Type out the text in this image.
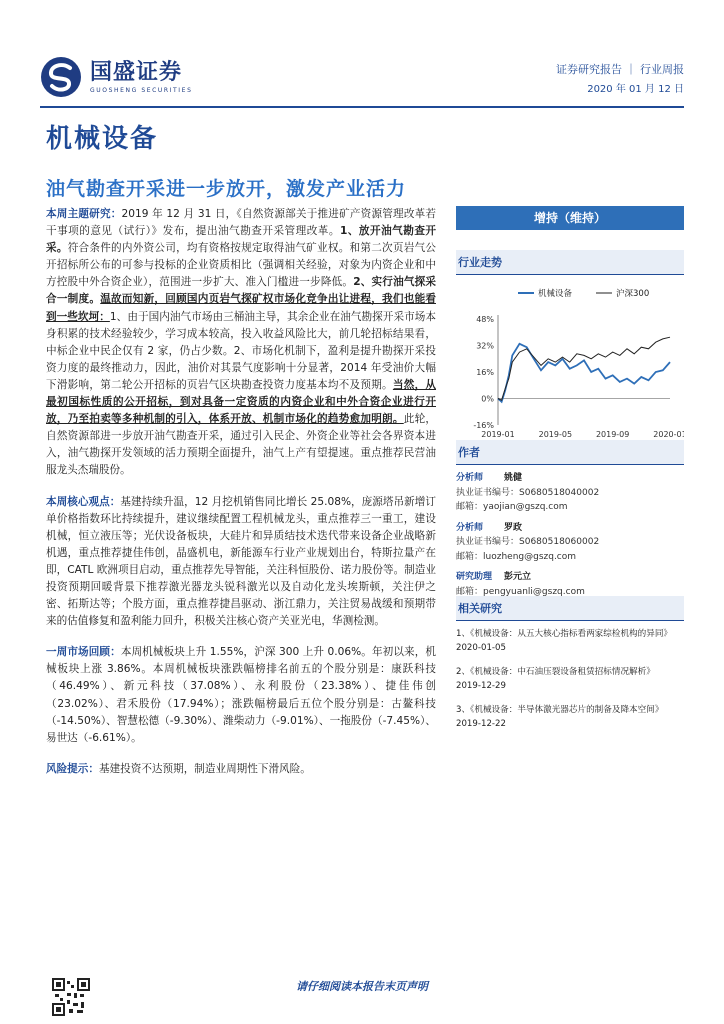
国盛证券
GUOSHENG SECURITIES
证券研究报告 ｜ 行业周报
2020 年 01 月 12 日
机械设备
油气勘查开采进一步放开，激发产业活力

本周主题研究：2019 年 12 月 31 日，《自然资源部关于推进矿产资源管理改革若干事项的意见（试行）》发布，提出油气勘查开采管理改革。1、放开油气勘查开采。符合条件的内外资公司，均有资格按规定取得油气矿业权。和第二次页岩气公开招标所公布的可参与投标的企业资质相比（强调相关经验，对象为内资企业和中方控股中外合资企业），范围进一步扩大、准入门槛进一步降低。2、实行油气探采合一制度。温故而知新，回顾国内页岩气探矿权市场化竞争出让进程，我们也能看到一些坎坷：1、由于国内油气市场由三桶油主导，其余企业在油气勘探开采市场本身积累的技术经验较少，学习成本较高，投入收益风险比大，前几轮招标结果看，中标企业中民企仅有 2 家，仍占少数。2、市场化机制下，盈利是提升勘探开采投资力度的最终推动力，因此，油价对其景气度影响十分显著，2014 年受油价大幅下滑影响，第二轮公开招标的页岩气区块勘查投资力度基本均不及预期。当然，从最初国标性质的公开招标，到对具备一定资质的内资企业和中外合资企业进行开放，乃至拍卖等多种机制的引入，体系开放、机制市场化的趋势愈加明朗。此轮，自然资源部进一步放开油气勘查开采，通过引入民企、外资企业等社会各界资本进入，油气勘探开发领域的活力预期全面提升，油气上产有望提速。重点推荐民营油服龙头杰瑞股份。

本周核心观点：基建持续升温，12 月挖机销售同比增长 25.08%，庞源塔吊新增订单价格指数环比持续提升，建议继续配置工程机械龙头，重点推荐三一重工，建设机械，恒立液压等；光伏设备板块，大硅片和异质结技术迭代带来设备企业战略新机遇，重点推荐捷佳伟创，晶盛机电，新能源车行业产业规划出台，特斯拉量产在即，CATL 欧洲项目启动，重点推荐先导智能，关注科恒股份、诺力股份等。制造业投资预期回暖背景下推荐激光器龙头锐科激光以及自动化龙头埃斯顿，关注伊之密、拓斯达等；个股方面，重点推荐捷昌驱动、浙江鼎力，关注贸易战缓和预期带来的估值修复和盈利能力回升，积极关注核心资产关亚光电，华测检测。

一周市场回顾：本周机械板块上升 1.55%，沪深 300 上升 0.06%。年初以来，机械板块上涨 3.86%。本周机械板块涨跌幅榜排名前五的个股分别是：康跃科技（46.49%）、新元科技（37.08%）、永利股份（23.38%）、捷佳伟创（23.02%）、君禾股份（17.94%）；涨跌幅榜最后五位个股分别是：古鳌科技（-14.50%）、智慧松德（-9.30%）、潍柴动力（-9.01%）、一拖股份（-7.45%）、易世达（-6.61%）。

风险提示：基建投资不达预期，制造业周期性下滑风险。

增持（维持）
行业走势
48%
32%
16%
0%
-16%
2019-01	2019-05	2019-09	2020-01
机械设备	沪深300
作者
分析师 姚健
执业证书编号：S0680518040002
邮箱：yaojian@gszq.com
分析师 罗政
执业证书编号：S0680518060002
邮箱：luozheng@gszq.com
研究助理 彭元立
邮箱：pengyuanli@gszq.com
相关研究
1、《机械设备：从五大核心指标看两家综检机构的异同》
2020-01-05
2、《机械设备：中石油压裂设备租赁招标情况解析》
2019-12-29
3、《机械设备：半导体激光器芯片的制备及降本空间》
2019-12-22
请仔细阅读本报告末页声明
